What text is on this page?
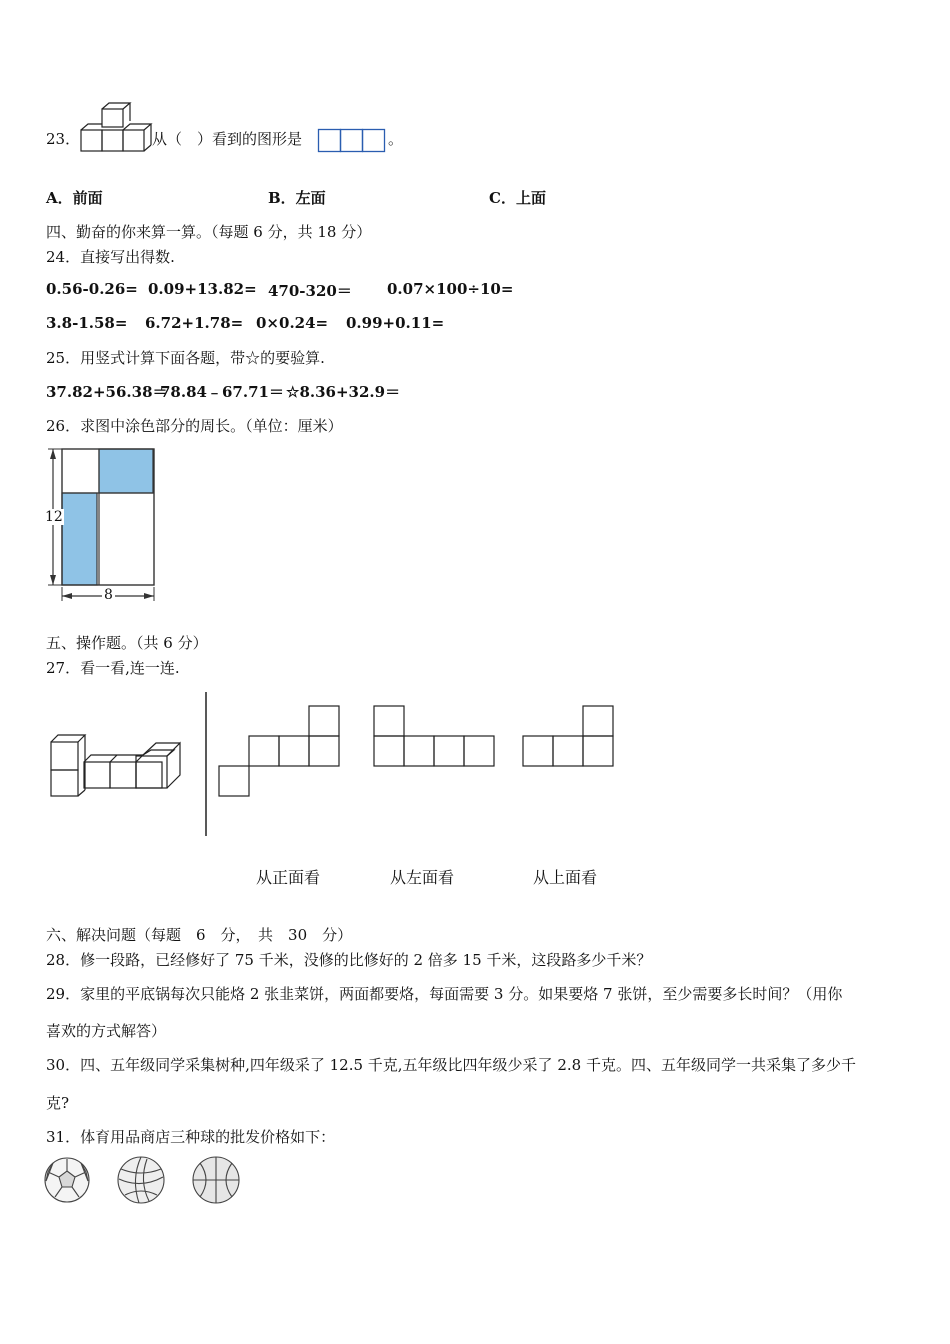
23．	从（　）看到的图形是	。
A．前面	B．左面	C．上面
四、勤奋的你来算一算。（每题 6 分，共 18 分）
24．直接写出得数.
0.56-0.26= 0.09+13.82= 470-320＝ 0.07×100÷10=
3.8-1.58= 6.72+1.78= 0×0.24= 0.99+0.11=
25．用竖式计算下面各题，带☆的要验算.
37.82+56.38＝
78.84﹣67.71＝ ☆8.36+32.9＝
26．求图中涂色部分的周长。（单位：厘米）
12
8
五、操作题。（共 6 分）
27．看一看,连一连.
从正面看	从左面看	从上面看
六、解决问题（每题　6　分，　共　30　分）
28．修一段路，已经修好了 75 千米，没修的比修好的 2 倍多 15 千米，这段路多少千米？
29．家里的平底锅每次只能烙 2 张韭菜饼，两面都要烙，每面需要 3 分。如果要烙 7 张饼，至少需要多长时间？（用你
喜欢的方式解答）
30．四、五年级同学采集树种,四年级采了 12.5 千克,五年级比四年级少采了 2.8 千克。四、五年级同学一共采集了多少千
克?
31．体育用品商店三种球的批发价格如下：
